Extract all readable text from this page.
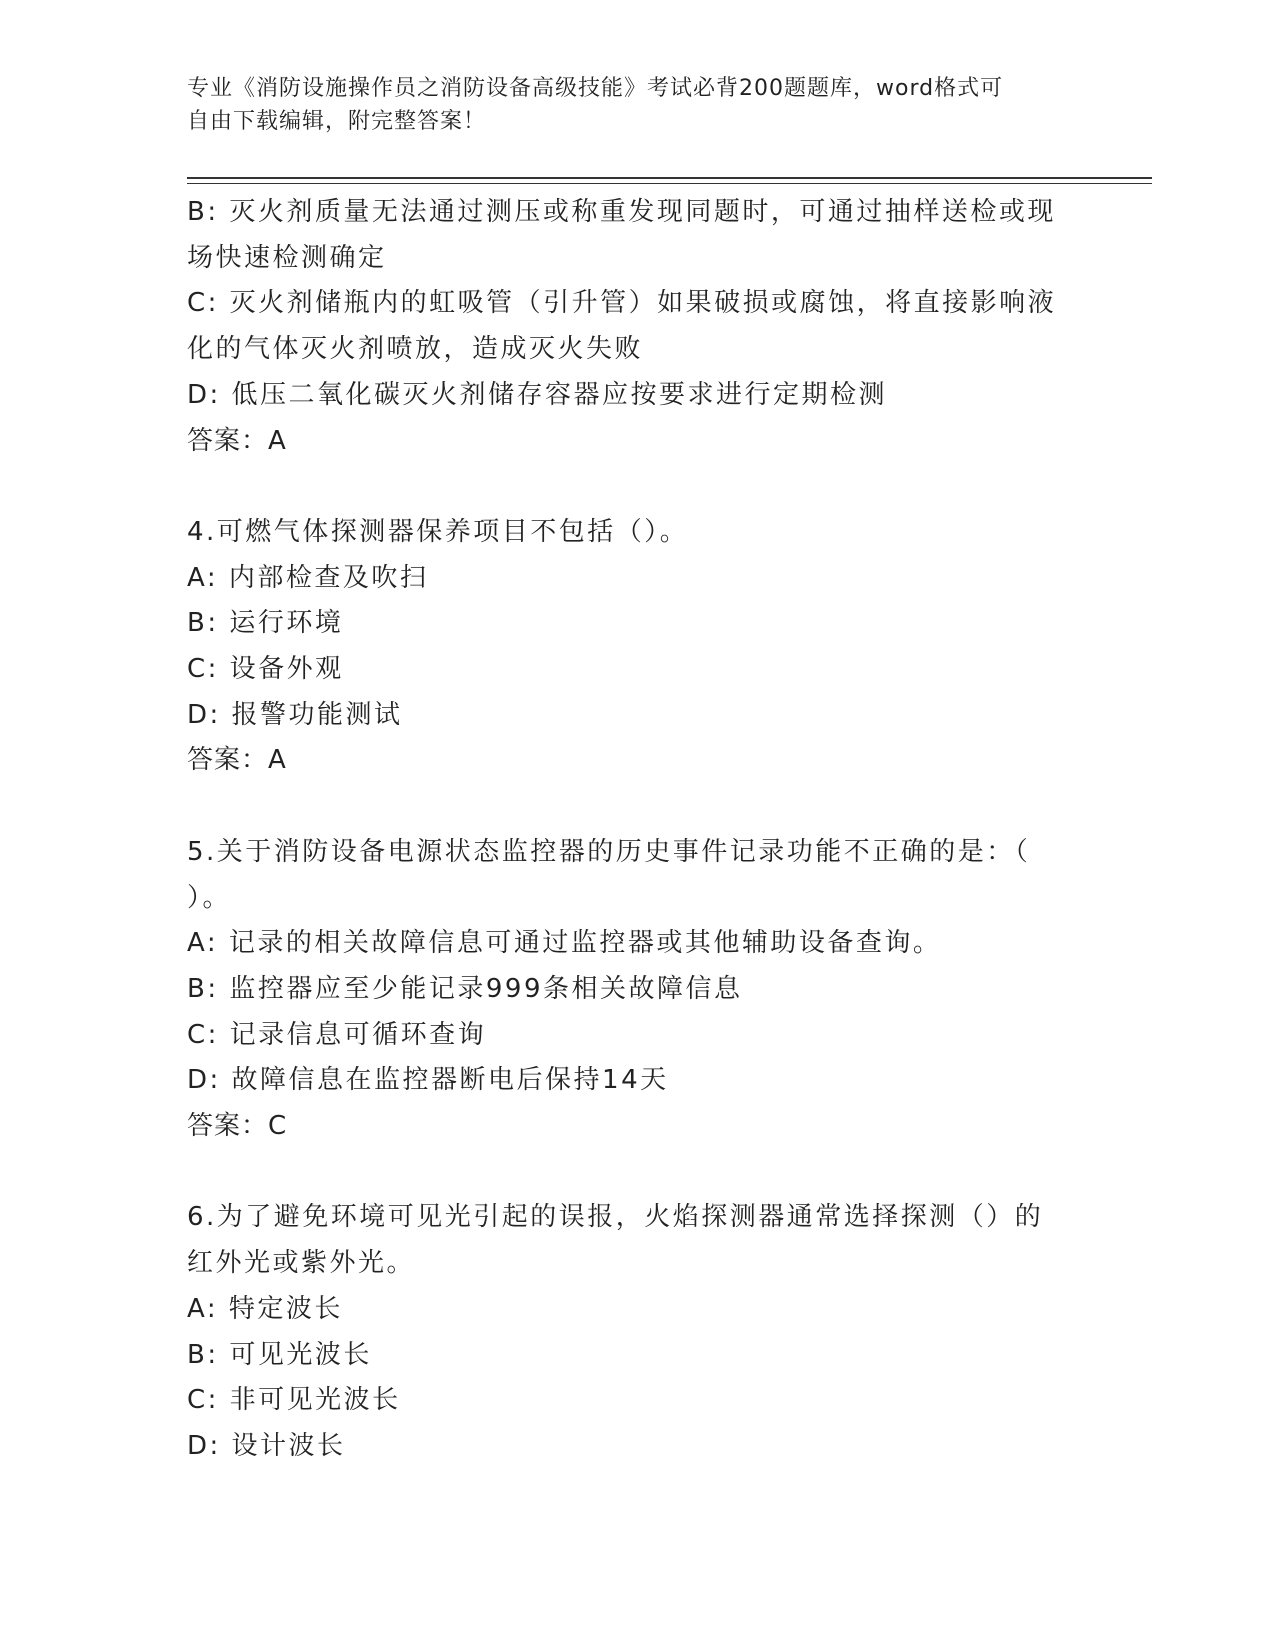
专业《消防设施操作员之消防设备高级技能》考试必背200题题库，word格式可
自由下载编辑，附完整答案！
B: 灭火剂质量无法通过测压或称重发现同题时，可通过抽样送检或现
场快速检测确定
C: 灭火剂储瓶内的虹吸管（引升管）如果破损或腐蚀，将直接影响液
化的气体灭火剂喷放，造成灭火失败
D: 低压二氧化碳灭火剂储存容器应按要求进行定期检测
答案：A
4.可燃气体探测器保养项目不包括（）。
A: 内部检查及吹扫
B: 运行环境
C: 设备外观
D: 报警功能测试
答案：A
5.关于消防设备电源状态监控器的历史事件记录功能不正确的是：（
）。
A: 记录的相关故障信息可通过监控器或其他辅助设备查询。
B: 监控器应至少能记录999条相关故障信息
C: 记录信息可循环查询
D: 故障信息在监控器断电后保持14天
答案：C
6.为了避免环境可见光引起的误报，火焰探测器通常选择探测（）的
红外光或紫外光。
A: 特定波长
B: 可见光波长
C: 非可见光波长
D: 设计波长
